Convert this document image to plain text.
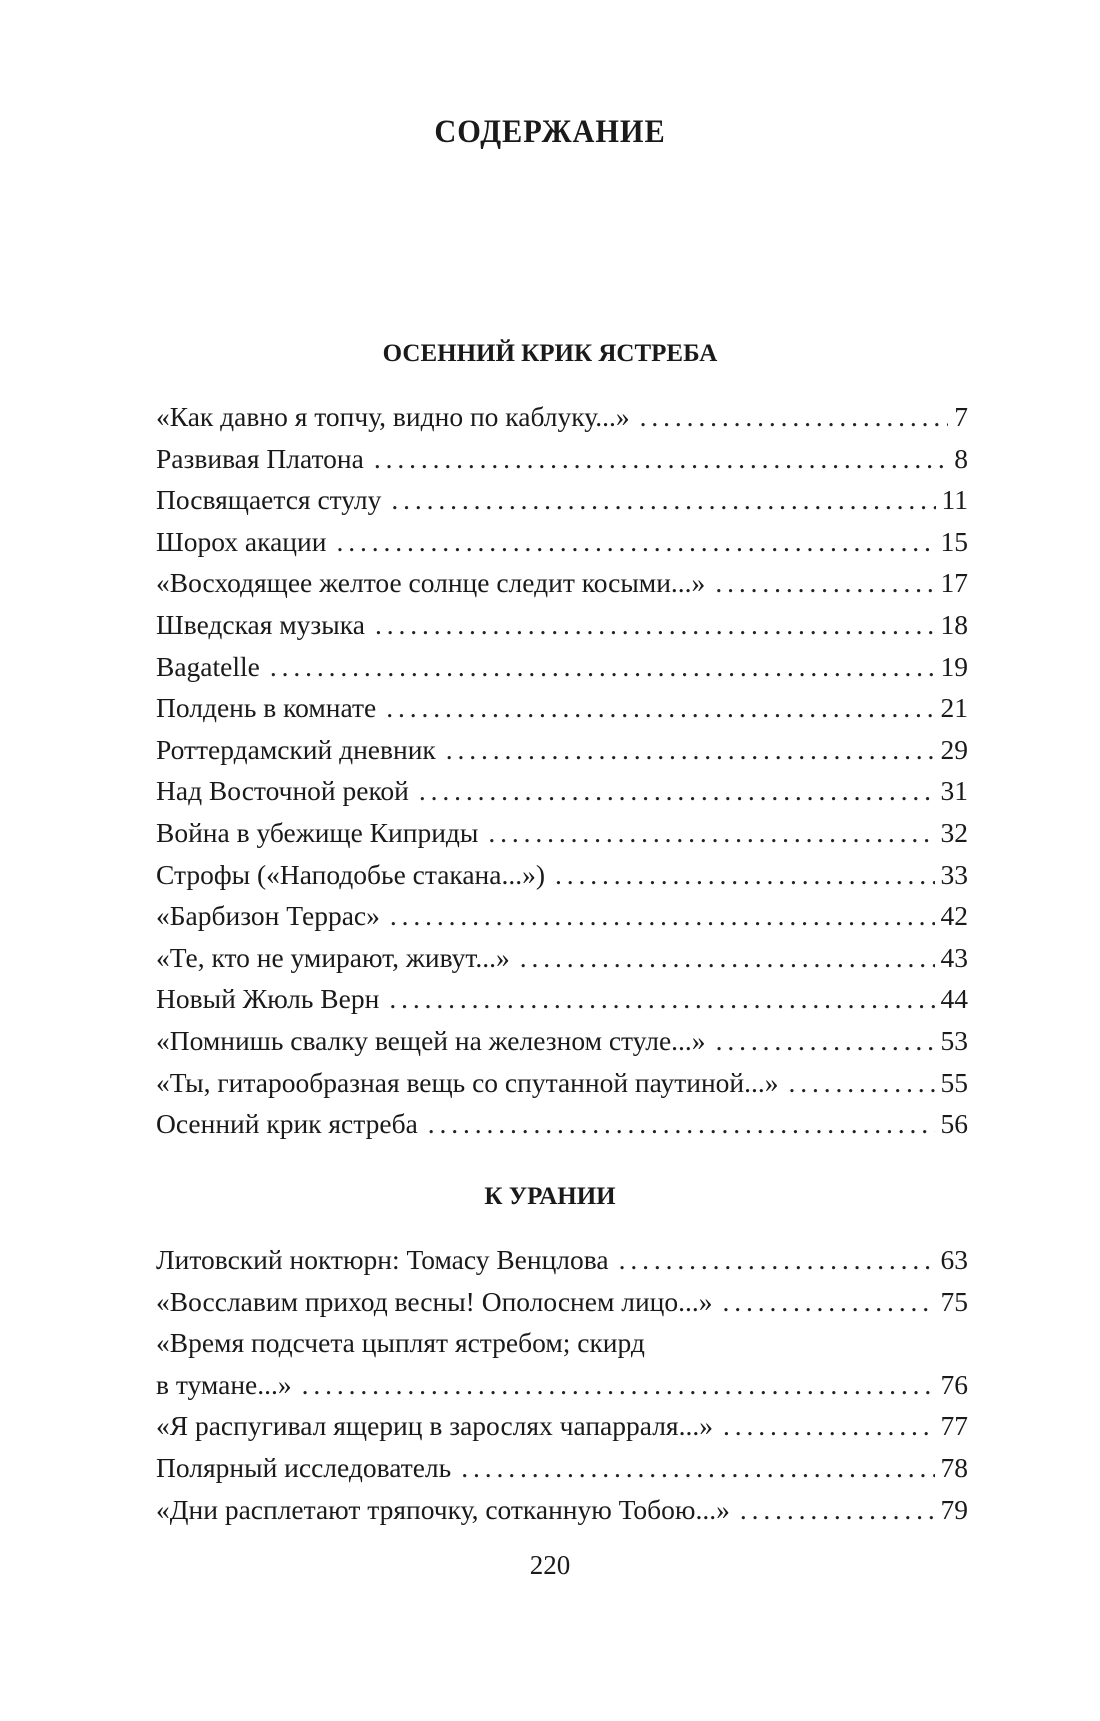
СОДЕРЖАНИЕ
ОСЕННИЙ КРИК ЯСТРЕБА
«Как давно я топчу, видно по каблуку...» . . .	7
Развивая Платона . . .	8
Посвящается стулу . . .	11
Шорох акации . . .	15
«Восходящее желтое солнце следит косыми...» . . .	17
Шведская музыка . . .	18
Bagatelle . . .	19
Полдень в комнате . . .	21
Роттердамский дневник . . .	29
Над Восточной рекой . . .	31
Война в убежище Киприды . . .	32
Строфы («Наподобье стакана...») . . .	33
«Барбизон Террас» . . .	42
«Те, кто не умирают, живут...» . . .	43
Новый Жюль Верн . . .	44
«Помнишь свалку вещей на железном стуле...» . . .	53
«Ты, гитарообразная вещь со спутанной паутиной...» . . .	55
Осенний крик ястреба . . .	56
К УРАНИИ
Литовский ноктюрн: Томасу Венцлова . . .	63
«Восславим приход весны! Ополоснем лицо...» . . .	75
«Время подсчета цыплят ястребом; скирд
в тумане...» . . .	76
«Я распугивал ящериц в зарослях чапарраля...» . . .	77
Полярный исследователь . . .	78
«Дни расплетают тряпочку, сотканную Тобою...» . . .	79
220
